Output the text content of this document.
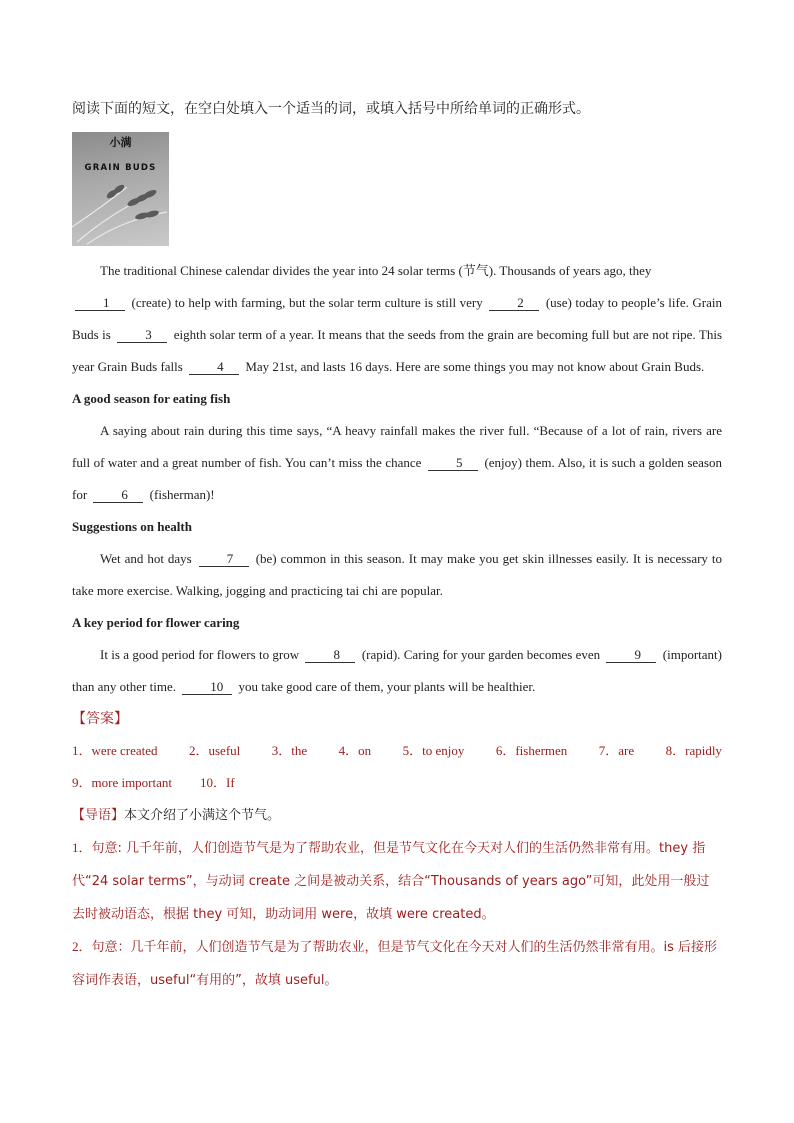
阅读下面的短文，在空白处填入一个适当的词，或填入括号中所给单词的正确形式。

小满
GRAIN BUDS

The traditional Chinese calendar divides the year into 24 solar terms (节气). Thousands of years ago, they
1 (create) to help with farming, but the solar term culture is still very	2 (use) today to people’s life. Grain Buds is	3 eighth solar term of a year. It means that the seeds from the grain are becoming full but are not ripe. This year Grain Buds falls	4 May 21st, and lasts 16 days. Here are some things you may not know about Grain Buds.

A good season for eating fish

A saying about rain during this time says, “A heavy rainfall makes the river full. “Because of a lot of rain, rivers are full of water and a great number of fish. You can’t miss the chance	5 (enjoy) them. Also, it is such a golden season for	6 (fisherman)!

Suggestions on health

Wet and hot days	7 (be) common in this season. It may make you get skin illnesses easily. It is necessary to take more exercise. Walking, jogging and practicing tai chi are popular.

A key period for flower caring

It is a good period for flowers to grow	8 (rapid). Caring for your garden becomes even	9 (important) than any other time.	10 you take good care of them, your plants will be healthier.

【答案】

1．were created 2．useful 3．the 4．on 5．to enjoy 6．fishermen 7．are 8．rapidly
9．more important 10．If

【导语】本文介绍了小满这个节气。

1．句意: 几千年前，人们创造节气是为了帮助农业，但是节气文化在今天对人们的生活仍然非常有用。they 指代“24 solar terms”，与动词 create 之间是被动关系，结合“Thousands of years ago”可知，此处用一般过去时被动语态，根据 they 可知，助动词用 were，故填 were created。

2．句意：几千年前，人们创造节气是为了帮助农业，但是节气文化在今天对人们的生活仍然非常有用。is 后接形容词作表语，useful“有用的”，故填 useful。
